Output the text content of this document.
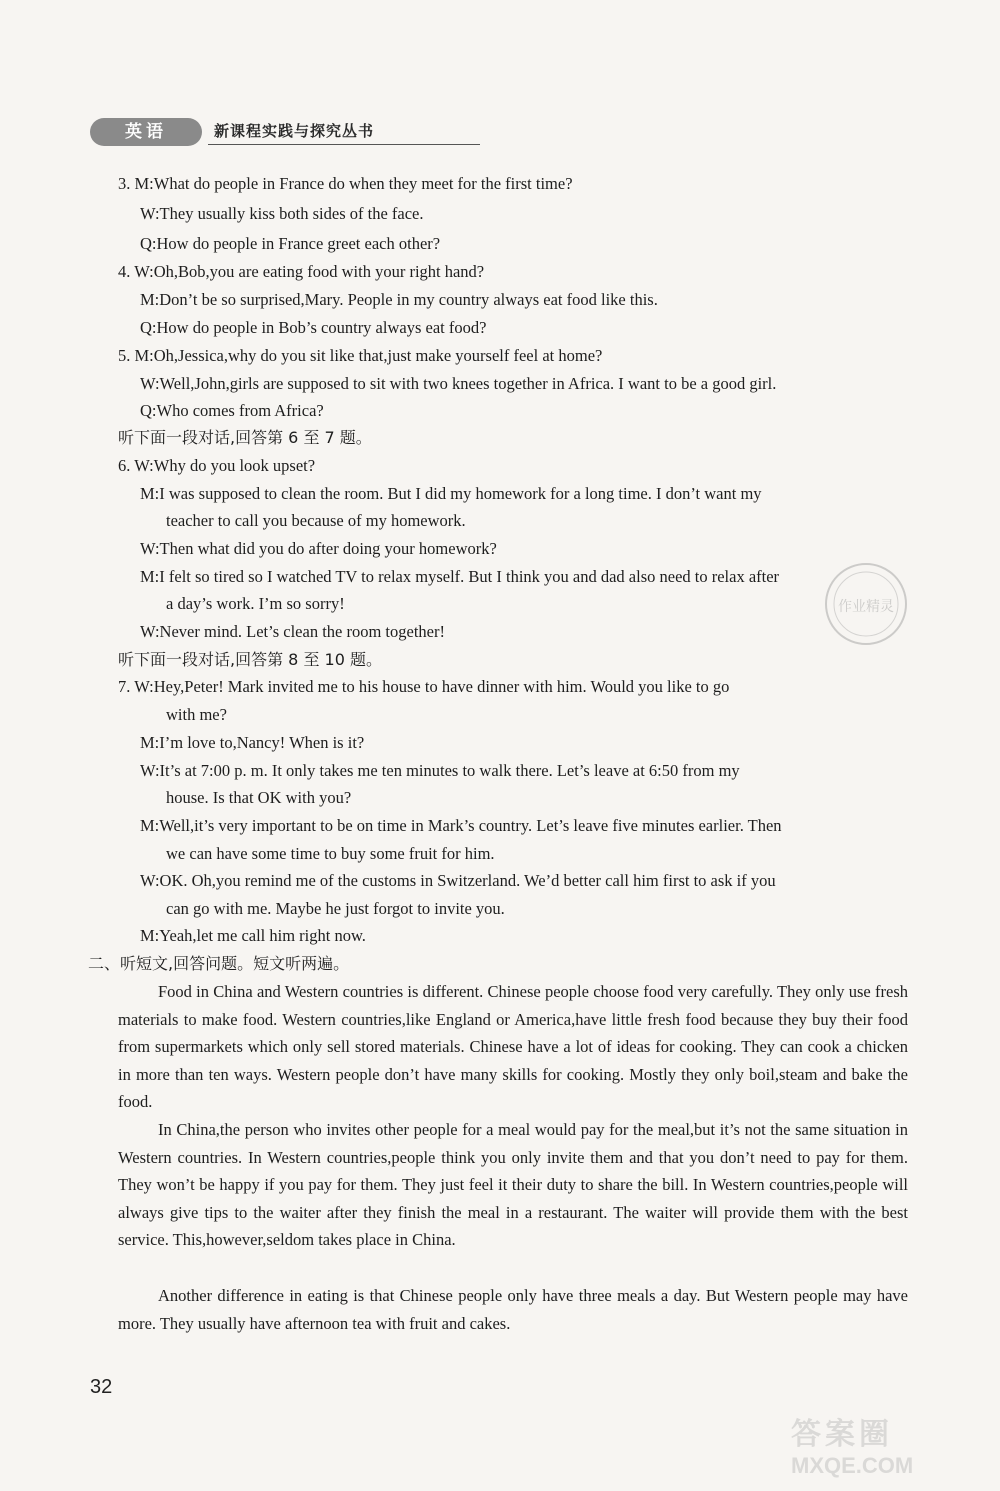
英语	新课程实践与探究丛书
3. M:What do people in France do when they meet for the first time?
W:They usually kiss both sides of the face.
Q:How do people in France greet each other?
4. W:Oh,Bob,you are eating food with your right hand?
M:Don’t be so surprised,Mary. People in my country always eat food like this.
Q:How do people in Bob’s country always eat food?
5. M:Oh,Jessica,why do you sit like that,just make yourself feel at home?
W:Well,John,girls are supposed to sit with two knees together in Africa. I want to be a good girl.
Q:Who comes from Africa?
听下面一段对话,回答第 6 至 7 题。
6. W:Why do you look upset?
M:I was supposed to clean the room. But I did my homework for a long time. I don’t want my
teacher to call you because of my homework.
W:Then what did you do after doing your homework?
M:I felt so tired so I watched TV to relax myself. But I think you and dad also need to relax after
a day’s work. I’m so sorry!
W:Never mind. Let’s clean the room together!
听下面一段对话,回答第 8 至 10 题。
7. W:Hey,Peter! Mark invited me to his house to have dinner with him. Would you like to go
with me?
M:I’m love to,Nancy! When is it?
W:It’s at 7:00 p. m. It only takes me ten minutes to walk there. Let’s leave at 6:50 from my
house. Is that OK with you?
M:Well,it’s very important to be on time in Mark’s country. Let’s leave five minutes earlier. Then
we can have some time to buy some fruit for him.
W:OK. Oh,you remind me of the customs in Switzerland. We’d better call him first to ask if you
can go with me. Maybe he just forgot to invite you.
M:Yeah,let me call him right now.
二、听短文,回答问题。短文听两遍。
Food in China and Western countries is different. Chinese people choose food very carefully. They only use fresh materials to make food. Western countries,like England or America,have little fresh food because they buy their food from supermarkets which only sell stored materials. Chinese have a lot of ideas for cooking. They can cook a chicken in more than ten ways. Western people don’t have many skills for cooking. Mostly they only boil,steam and bake the food.
In China,the person who invites other people for a meal would pay for the meal,but it’s not the same situation in Western countries. In Western countries,people think you only invite them and that you don’t need to pay for them. They won’t be happy if you pay for them. They just feel it their duty to share the bill. In Western countries,people will always give tips to the waiter after they finish the meal in a restaurant. The waiter will provide them with the best service. This,however,seldom takes place in China.
Another difference in eating is that Chinese people only have three meals a day. But Western people may have more. They usually have afternoon tea with fruit and cakes.
32
作业精灵
答案圈
MXQE.COM
